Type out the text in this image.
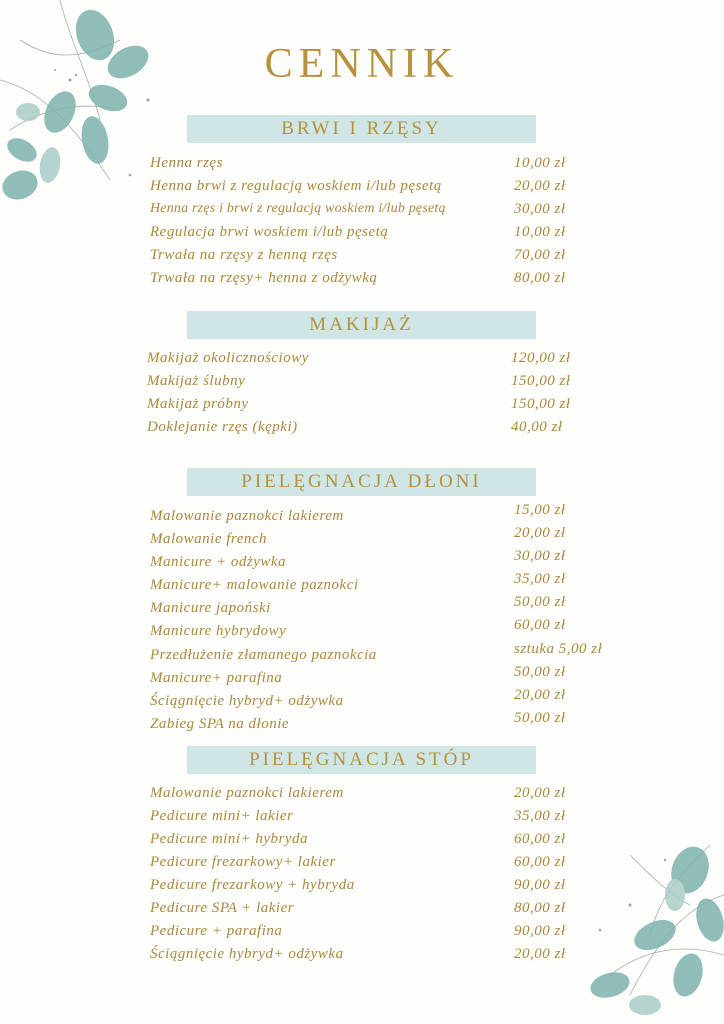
CENNIK
BRWI I RZĘSY
Henna rzęs	10,00 zł
Henna brwi z regulacją woskiem i/lub pęsetą	20,00 zł
Henna rzęs i brwi z regulacją woskiem i/lub pęsetą	30,00 zł
Regulacja brwi woskiem i/lub pęsetą	10,00 zł
Trwała na rzęsy z henną rzęs	70,00 zł
Trwała na rzęsy+ henna z odżywką	80,00 zł
MAKIJAŻ
Makijaż okolicznościowy	120,00 zł
Makijaż ślubny	150,00 zł
Makijaż próbny	150,00 zł
Doklejanie rzęs (kępki)	40,00 zł
PIELĘGNACJA DŁONI
Malowanie paznokci lakierem	15,00 zł
Malowanie french	20,00 zł
Manicure + odżywka	30,00 zł
Manicure+ malowanie paznokci	35,00 zł
Manicure japoński	50,00 zł
Manicure hybrydowy	60,00 zł
Przedłużenie złamanego paznokcia	sztuka 5,00 zł
Manicure+ parafina	50,00 zł
Ściągnięcie hybryd+ odżywka	20,00 zł
Zabieg SPA na dłonie	50,00 zł
PIELĘGNACJA STÓP
Malowanie paznokci lakierem	20,00 zł
Pedicure mini+ lakier	35,00 zł
Pedicure mini+ hybryda	60,00 zł
Pedicure frezarkowy+ lakier	60,00 zł
Pedicure frezarkowy + hybryda	90,00 zł
Pedicure SPA + lakier	80,00 zł
Pedicure + parafina	90,00 zł
Ściągnięcie hybryd+ odżywka	20,00 zł
